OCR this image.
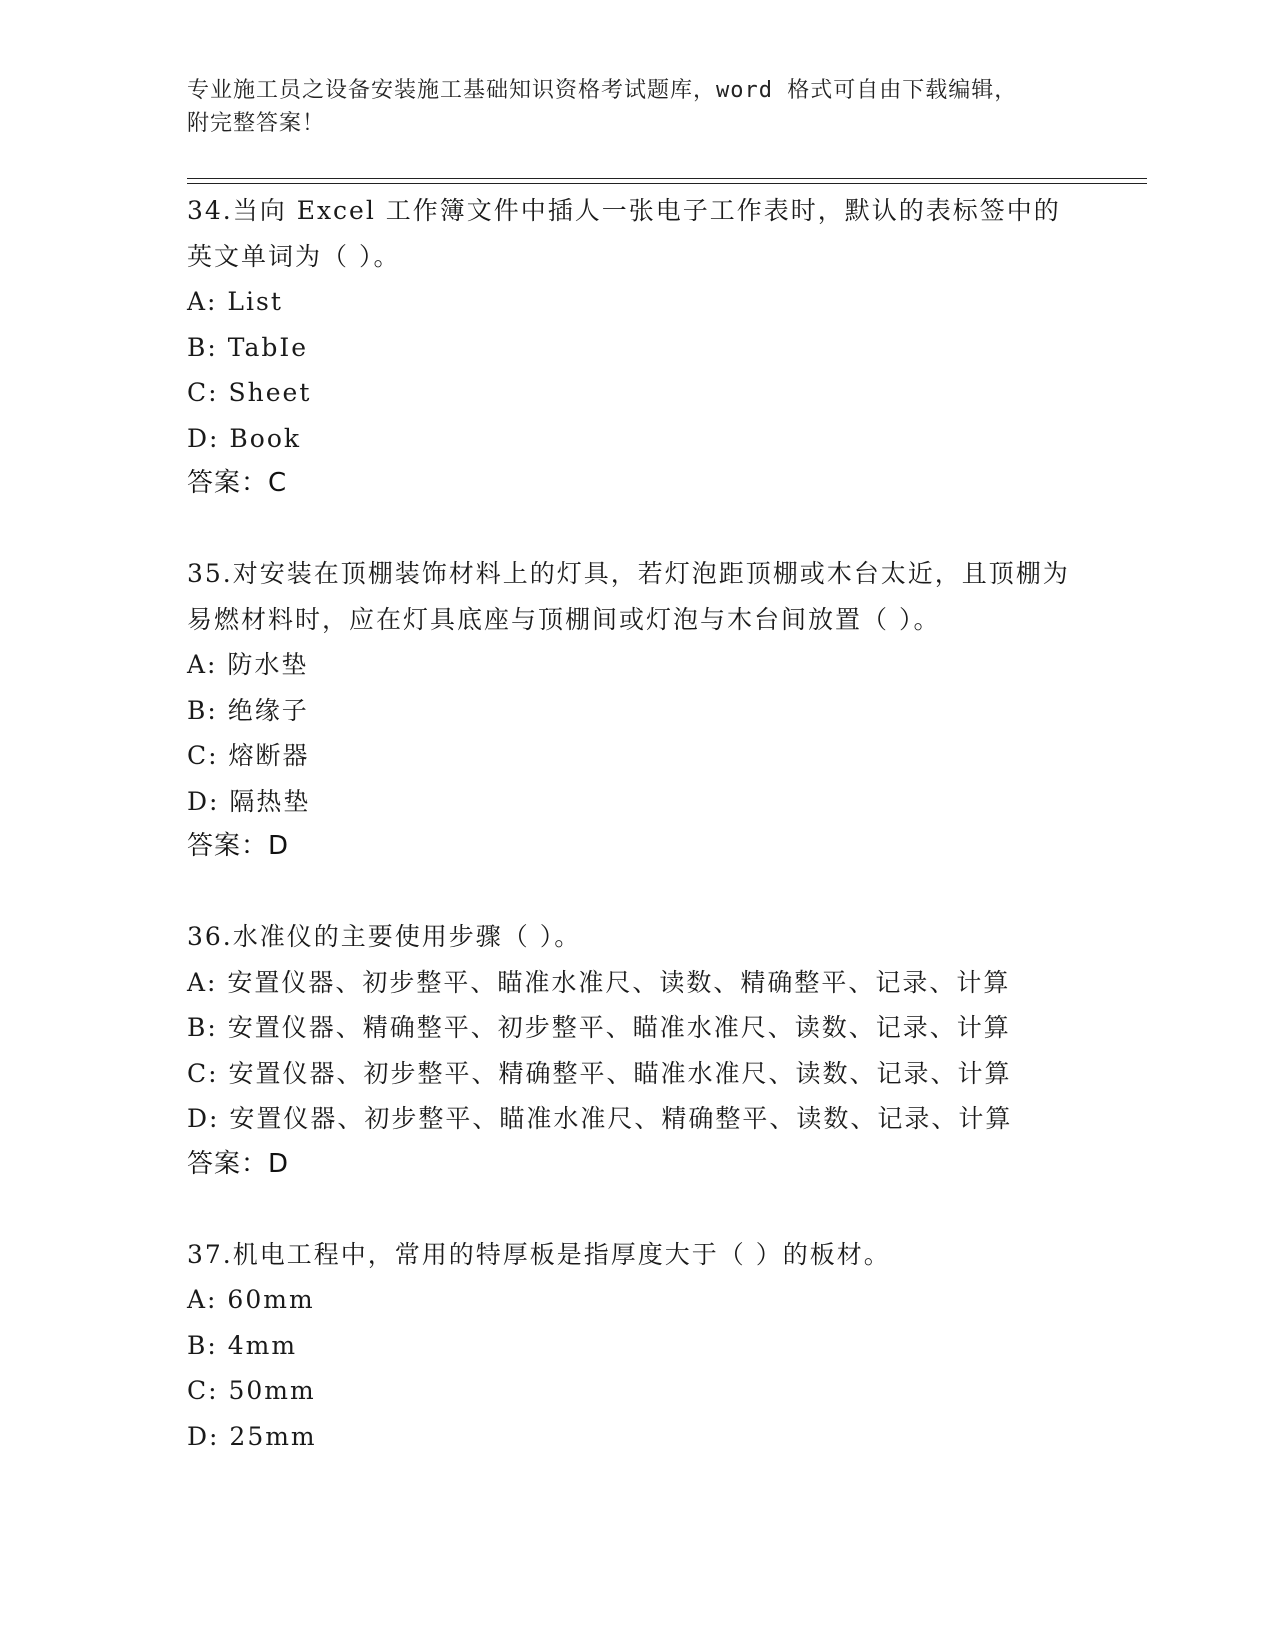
专业施工员之设备安装施工基础知识资格考试题库，word 格式可自由下载编辑，
附完整答案！
34.当向 Excel 工作簿文件中插人一张电子工作表时，默认的表标签中的英文单词为（ ）。
A: List
B: TabIe
C: Sheet
D: Book
答案：C
35.对安装在顶棚装饰材料上的灯具，若灯泡距顶棚或木台太近，且顶棚为易燃材料时，应在灯具底座与顶棚间或灯泡与木台间放置（ ）。
A: 防水垫
B: 绝缘子
C: 熔断器
D: 隔热垫
答案：D
36.水准仪的主要使用步骤（ ）。
A: 安置仪器、初步整平、瞄准水准尺、读数、精确整平、记录、计算
B: 安置仪器、精确整平、初步整平、瞄准水准尺、读数、记录、计算
C: 安置仪器、初步整平、精确整平、瞄准水准尺、读数、记录、计算
D: 安置仪器、初步整平、瞄准水准尺、精确整平、读数、记录、计算
答案：D
37.机电工程中，常用的特厚板是指厚度大于（ ）的板材。
A: 60mm
B: 4mm
C: 50mm
D: 25mm
